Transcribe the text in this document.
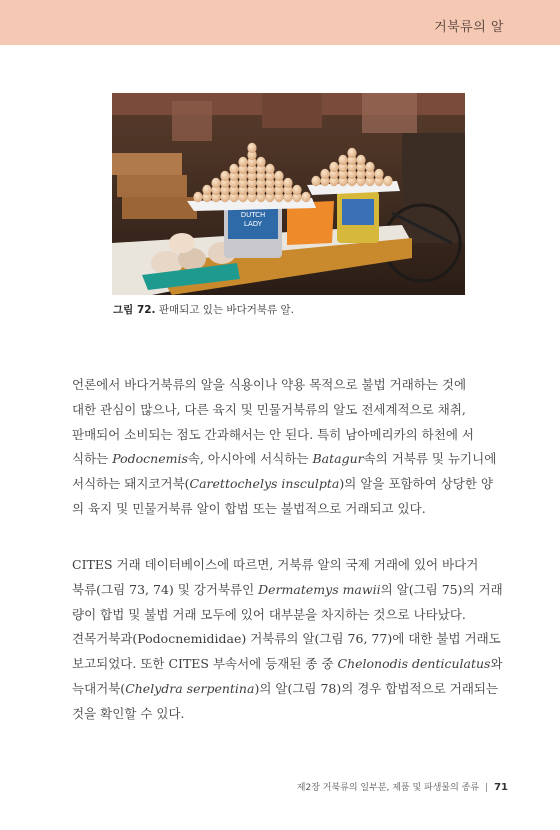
거북류의 알
DUTCH
LADY
그림 72. 판매되고 있는 바다거북류 알.
언론에서 바다거북류의 알을 식용이나 약용 목적으로 불법 거래하는 것에
대한 관심이 많으나, 다른 육지 및 민물거북류의 알도 전세계적으로 채취,
판매되어 소비되는 점도 간과해서는 안 된다. 특히 남아메리카의 하천에 서
식하는 Podocnemis속, 아시아에 서식하는 Batagur속의 거북류 및 뉴기니에
서식하는 돼지코거북(Carettochelys insculpta)의 알을 포함하여 상당한 양
의 육지 및 민물거북류 알이 합법 또는 불법적으로 거래되고 있다.
CITES 거래 데이터베이스에 따르면, 거북류 알의 국제 거래에 있어 바다거
북류(그림 73, 74) 및 강거북류인 Dermatemys mawii의 알(그림 75)의 거래
량이 합법 및 불법 거래 모두에 있어 대부분을 차지하는 것으로 나타났다.
견목거북과(Podocnemididae) 거북류의 알(그림 76, 77)에 대한 불법 거래도
보고되었다. 또한 CITES 부속서에 등재된 종 중 Chelonodis denticulatus와
늑대거북(Chelydra serpentina)의 알(그림 78)의 경우 합법적으로 거래되는
것을 확인할 수 있다.
제2장 거북류의 일부분, 제품 및 파생물의 종류 | 71
